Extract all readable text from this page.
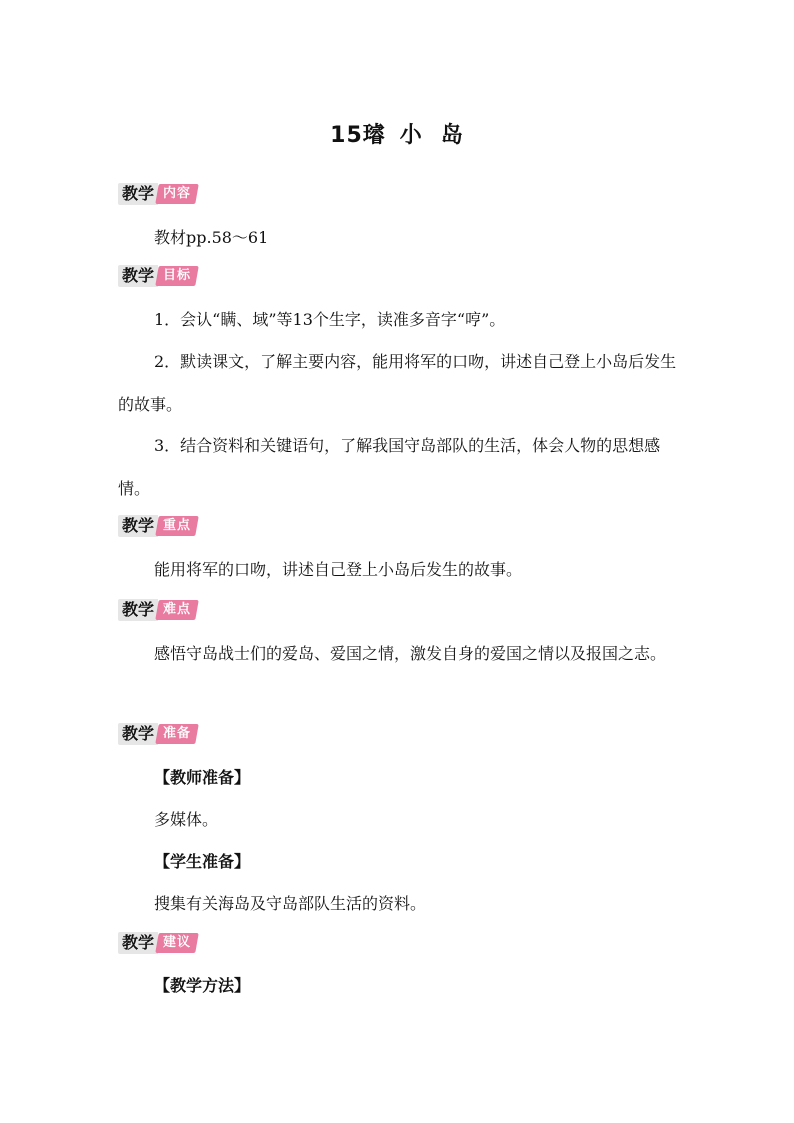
15璿 小 岛
教学 内容
教材pp.58～61
教学 目标
1．会认“瞒、域”等13个生字，读准多音字“哼”。
2．默读课文，了解主要内容，能用将军的口吻，讲述自己登上小岛后发生的故事。
3．结合资料和关键语句，了解我国守岛部队的生活，体会人物的思想感情。
教学 重点
能用将军的口吻，讲述自己登上小岛后发生的故事。
教学 难点
感悟守岛战士们的爱岛、爱国之情，激发自身的爱国之情以及报国之志。
教学 准备
【教师准备】
多媒体。
【学生准备】
搜集有关海岛及守岛部队生活的资料。
教学 建议
【教学方法】
